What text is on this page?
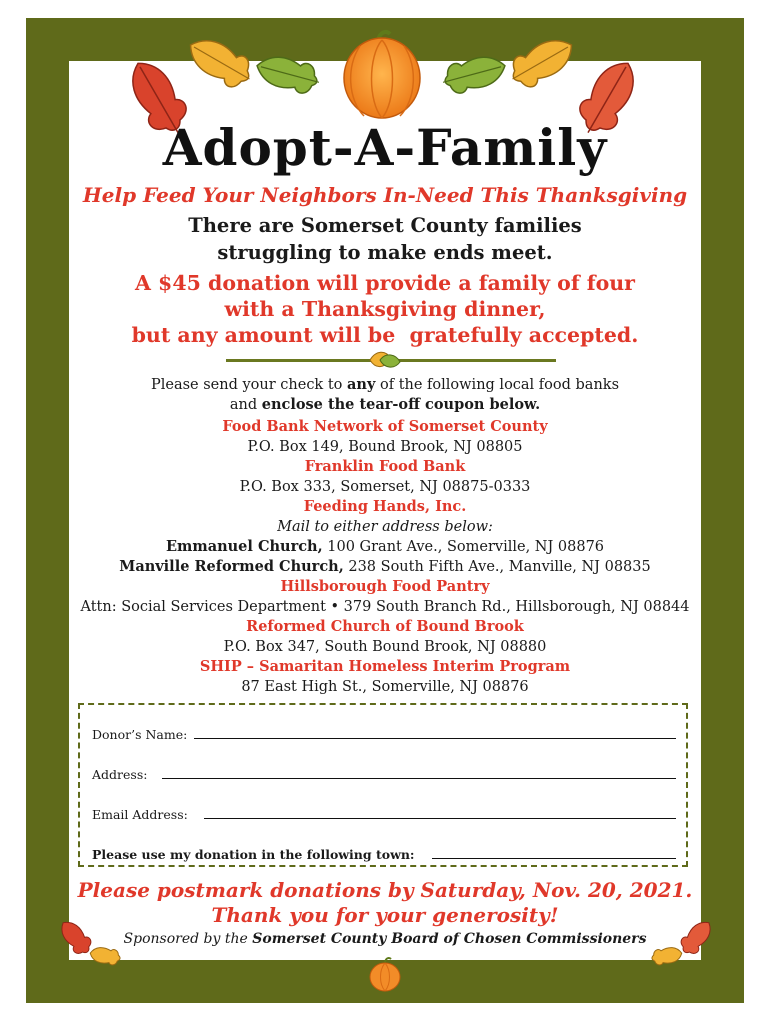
Adopt-A-Family
Help Feed Your Neighbors In-Need This Thanksgiving
There are Somerset County families
struggling to make ends meet.
A $45 donation will provide a family of four
with a Thanksgiving dinner,
but any amount will be  gratefully accepted.
Please send your check to any of the following local food banks
and enclose the tear-off coupon below.
Food Bank Network of Somerset County
P.O. Box 149, Bound Brook, NJ 08805
Franklin Food Bank
P.O. Box 333, Somerset, NJ 08875-0333
Feeding Hands, Inc.
Mail to either address below:
Emmanuel Church, 100 Grant Ave., Somerville, NJ 08876
Manville Reformed Church, 238 South Fifth Ave., Manville, NJ 08835
Hillsborough Food Pantry
Attn: Social Services Department • 379 South Branch Rd., Hillsborough, NJ 08844
Reformed Church of Bound Brook
P.O. Box 347, South Bound Brook, NJ 08880
SHIP – Samaritan Homeless Interim Program
87 East High St., Somerville, NJ 08876
Donor’s Name:
Address:
Email Address:
Please use my donation in the following town:
Please postmark donations by Saturday, Nov. 20, 2021.
Thank you for your generosity!
Sponsored by the Somerset County Board of Chosen Commissioners
